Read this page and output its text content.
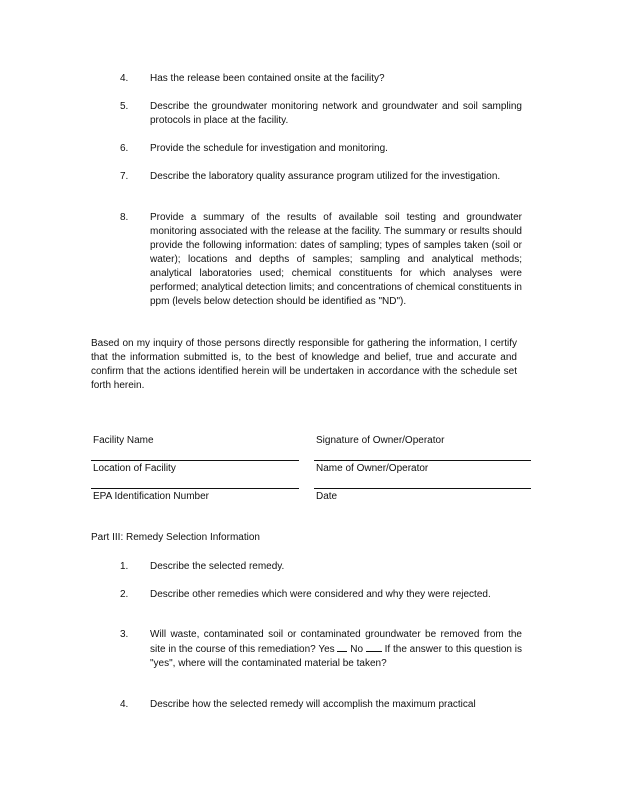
4. Has the release been contained onsite at the facility?
5. Describe the groundwater monitoring network and groundwater and soil sampling protocols in place at the facility.
6. Provide the schedule for investigation and monitoring.
7. Describe the laboratory quality assurance program utilized for the investigation.
8. Provide a summary of the results of available soil testing and groundwater monitoring associated with the release at the facility. The summary or results should provide the following information: dates of sampling; types of samples taken (soil or water); locations and depths of samples; sampling and analytical methods; analytical laboratories used; chemical constituents for which analyses were performed; analytical detection limits; and concentrations of chemical constituents in ppm (levels below detection should be identified as "ND").
Based on my inquiry of those persons directly responsible for gathering the information, I certify that the information submitted is, to the best of knowledge and belief, true and accurate and confirm that the actions identified herein will be undertaken in accordance with the schedule set forth herein.
Facility Name	Signature of Owner/Operator
Location of Facility	Name of Owner/Operator
EPA Identification Number	Date
Part III: Remedy Selection Information
1. Describe the selected remedy.
2. Describe other remedies which were considered and why they were rejected.
3. Will waste, contaminated soil or contaminated groundwater be removed from the site in the course of this remediation? Yes No If the answer to this question is "yes", where will the contaminated material be taken?
4. Describe how the selected remedy will accomplish the maximum practical
